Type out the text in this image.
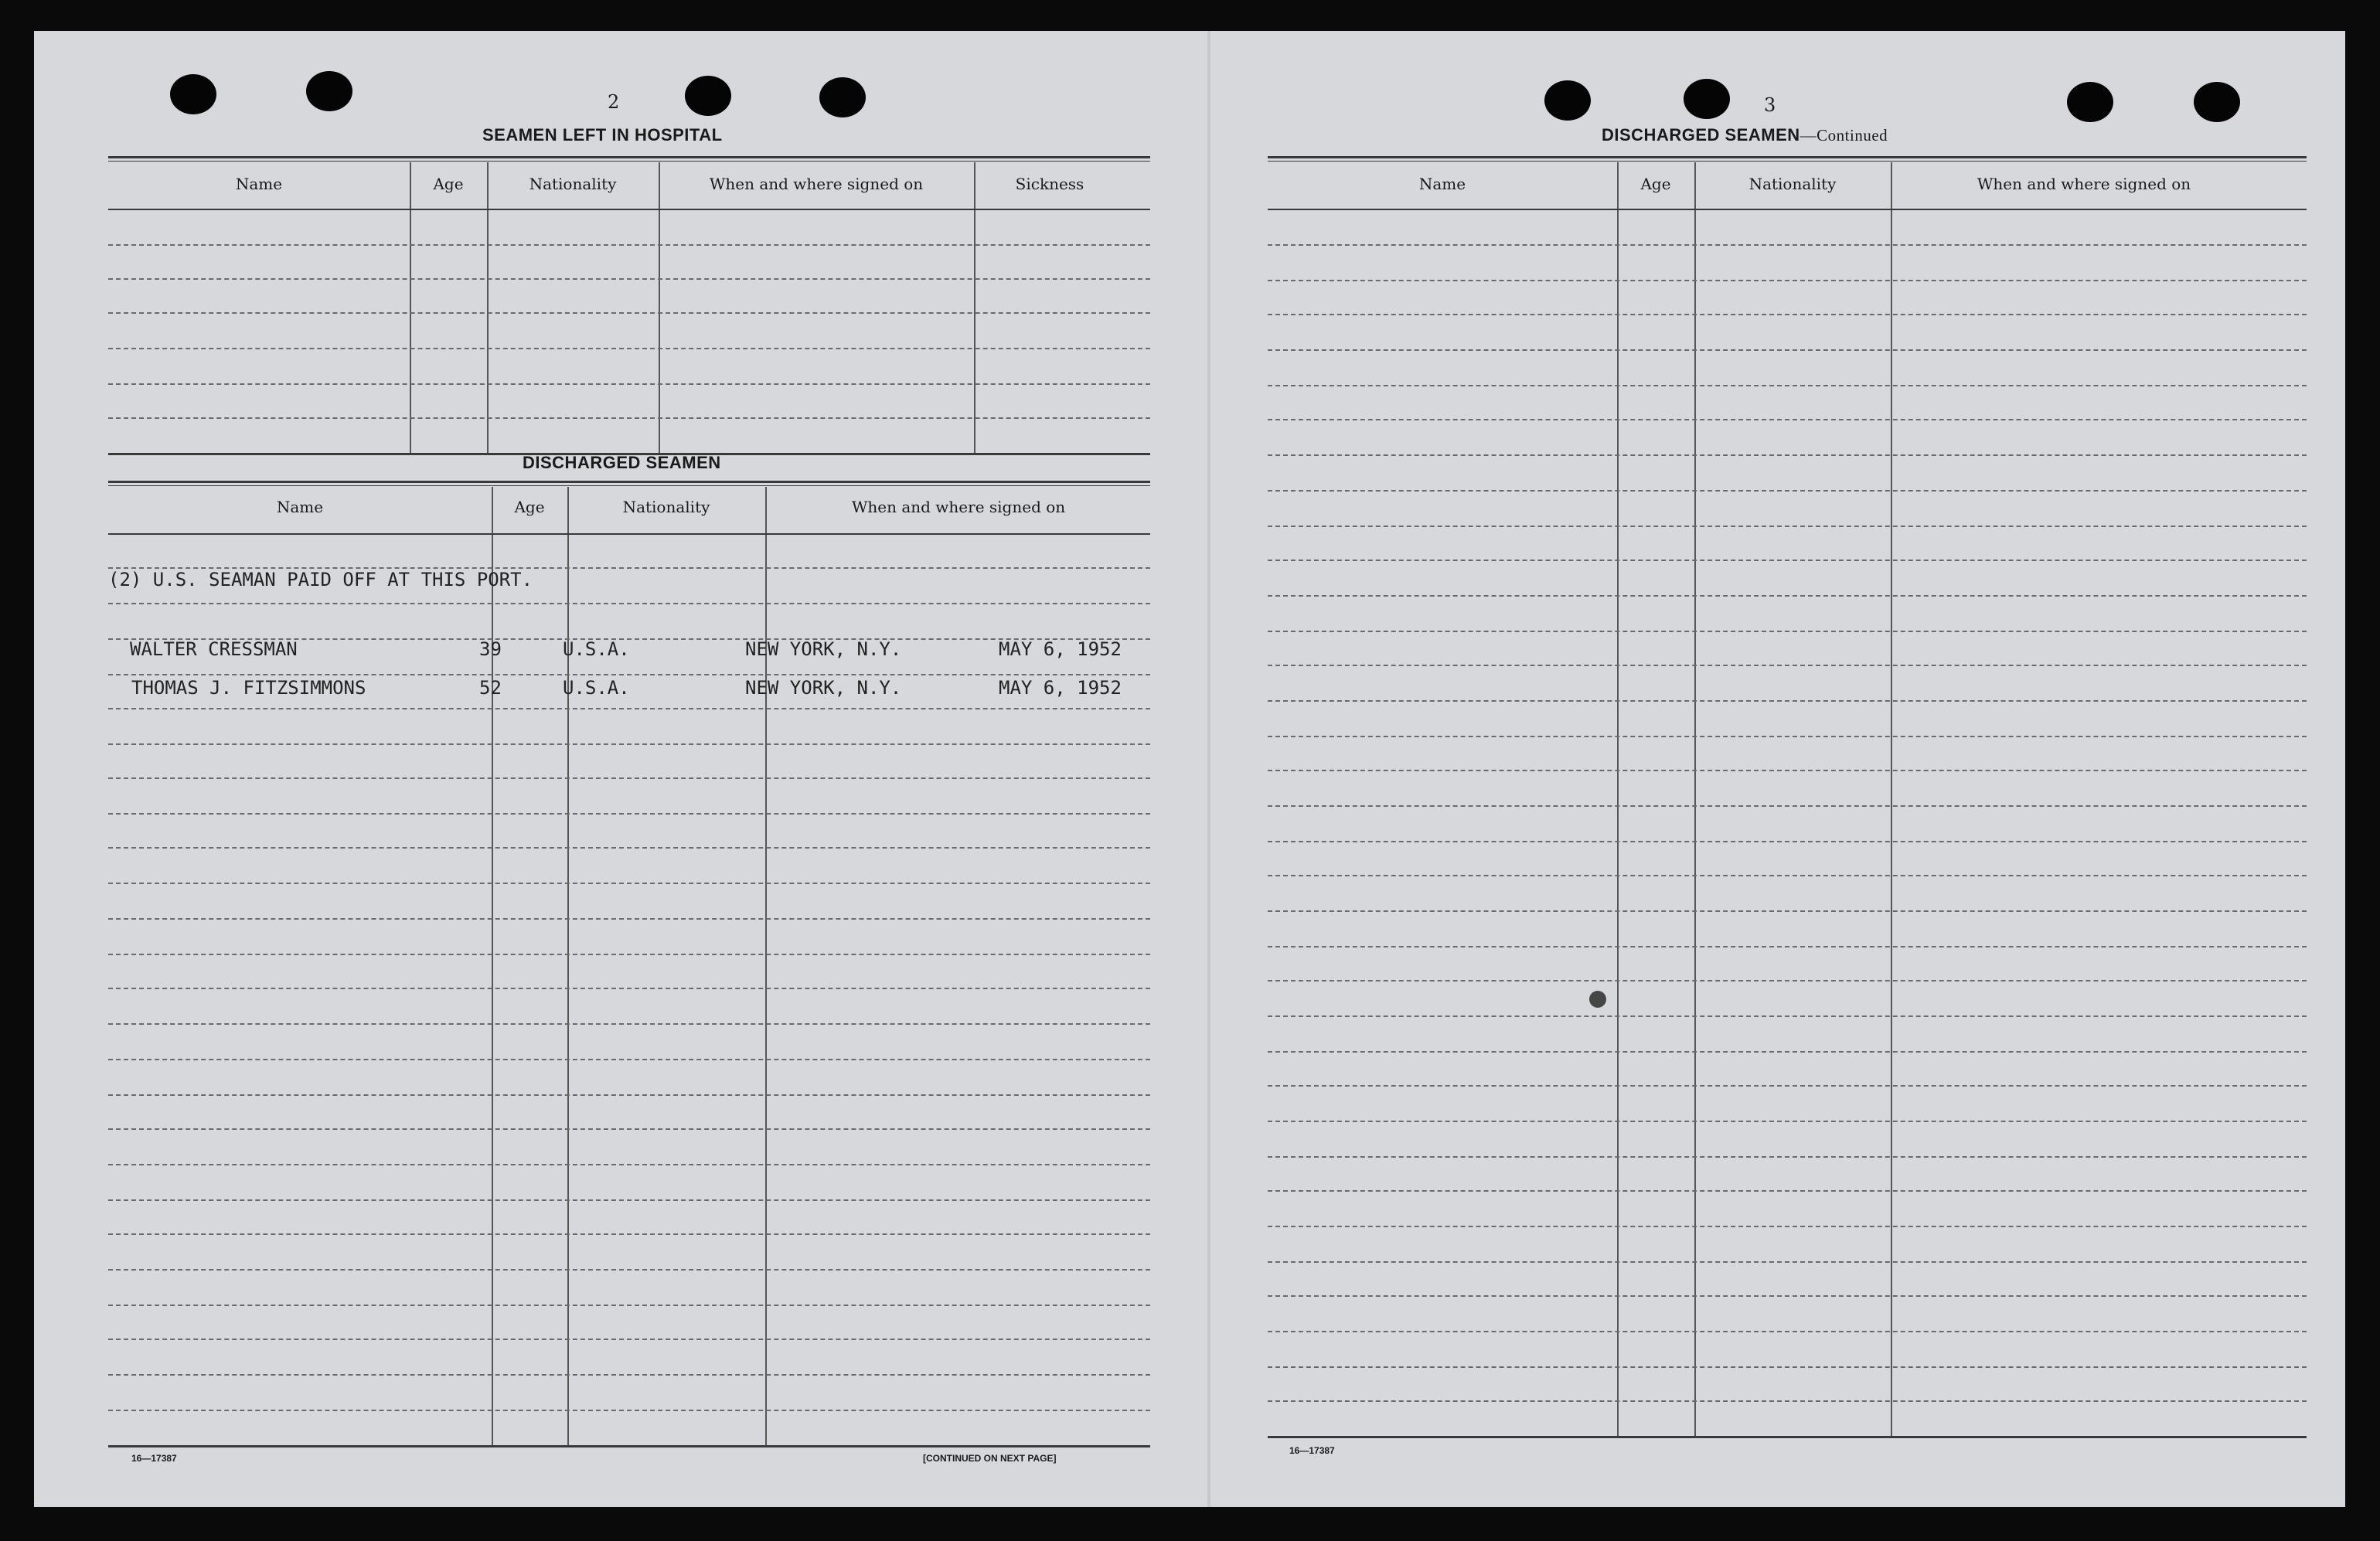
2
SEAMEN LEFT IN HOSPITAL
Name	Age	Nationality	When and where signed on	Sickness
DISCHARGED SEAMEN
Name	Age	Nationality	When and where signed on
(2) U.S. SEAMAN PAID OFF AT THIS PORT.
WALTER CRESSMAN	39	U.S.A.	NEW YORK, N.Y.	MAY 6, 1952
THOMAS J. FITZSIMMONS	52	U.S.A.	NEW YORK, N.Y.	MAY 6, 1952
16—17387	[CONTINUED ON NEXT PAGE]
3
DISCHARGED SEAMEN—Continued
Name	Age	Nationality	When and where signed on
16—17387
